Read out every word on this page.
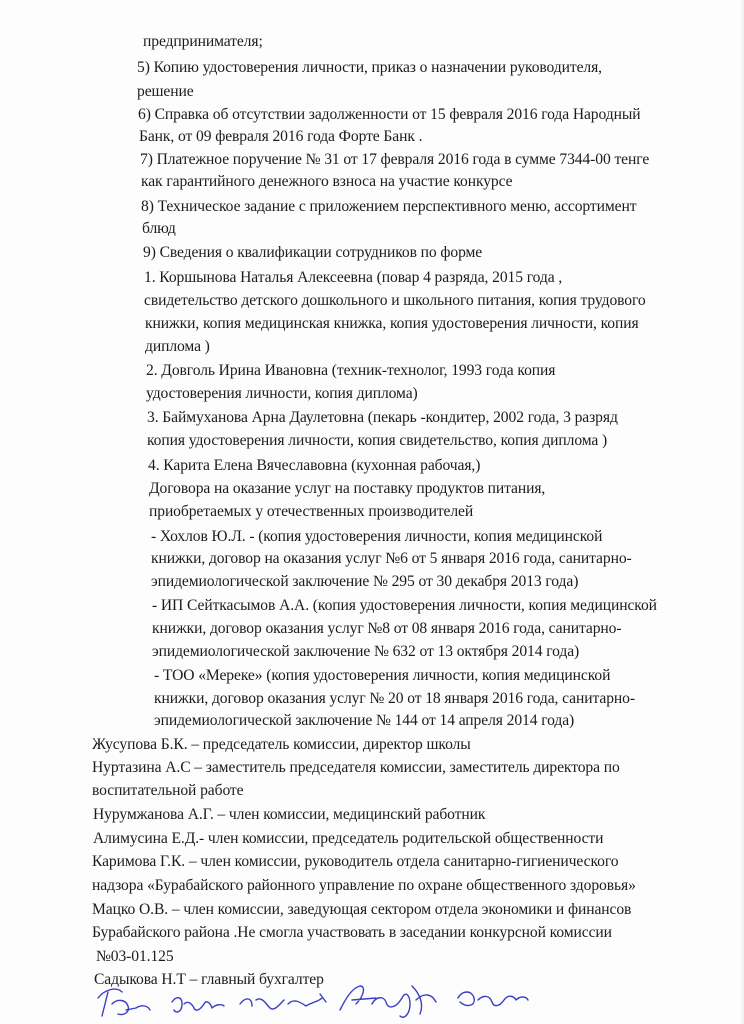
предпринимателя;
5) Копию удостоверения личности, приказ о назначении руководителя,
решение
6) Справка об отсутствии задолженности от 15 февраля 2016 года Народный
Банк, от 09 февраля 2016 года Форте Банк .
7) Платежное поручение № 31 от 17 февраля 2016 года в сумме 7344-00 тенге
как гарантийного денежного взноса на участие конкурсе
8) Техническое задание с приложением перспективного меню, ассортимент
блюд
9) Сведения о квалификации сотрудников по форме
1. Коршынова Наталья Алексеевна (повар 4 разряда, 2015 года ,
свидетельство детского дошкольного и школьного питания, копия трудового
книжки, копия медицинская книжка, копия удостоверения личности, копия
диплома )
2. Довголь Ирина Ивановна (техник-технолог, 1993 года копия
удостоверения личности, копия диплома)
3. Баймуханова Арна Даулетовна (пекарь -кондитер, 2002 года, 3 разряд
копия удостоверения личности, копия свидетельство, копия диплома )
4. Карита Елена Вячеславовна (кухонная рабочая,)
Договора на оказание услуг на поставку продуктов питания,
приобретаемых у отечественных производителей
- Хохлов Ю.Л. - (копия удостоверения личности, копия медицинской
книжки, договор на оказания услуг №6 от 5 января 2016 года, санитарно-
эпидемиологической заключение № 295 от 30 декабря 2013 года)
- ИП Сейткасымов А.А. (копия удостоверения личности, копия медицинской
книжки, договор оказания услуг №8 от 08 января 2016 года, санитарно-
эпидемиологической заключение № 632 от 13 октября 2014 года)
- ТОО «Мереке» (копия удостоверения личности, копия медицинской
книжки, договор оказания услуг № 20 от 18 января 2016 года, санитарно-
эпидемиологической заключение № 144 от 14 апреля 2014 года)
Жусупова Б.К. – председатель комиссии, директор школы
Нуртазина А.С – заместитель председателя комиссии, заместитель директора по
воспитательной работе
Нурумжанова А.Г. – член комиссии, медицинский работник
Алимусина Е.Д.- член комиссии, председатель родительской общественности
Каримова Г.К. – член комиссии, руководитель отдела санитарно-гигиенического
надзора «Бурабайского районного управление по охране общественного здоровья»
Мацко О.В. – член комиссии, заведующая сектором отдела экономики и финансов
Бурабайского района .Не смогла участвовать в заседании конкурсной комиссии
№03-01.125
Садыкова Н.Т – главный бухгалтер
